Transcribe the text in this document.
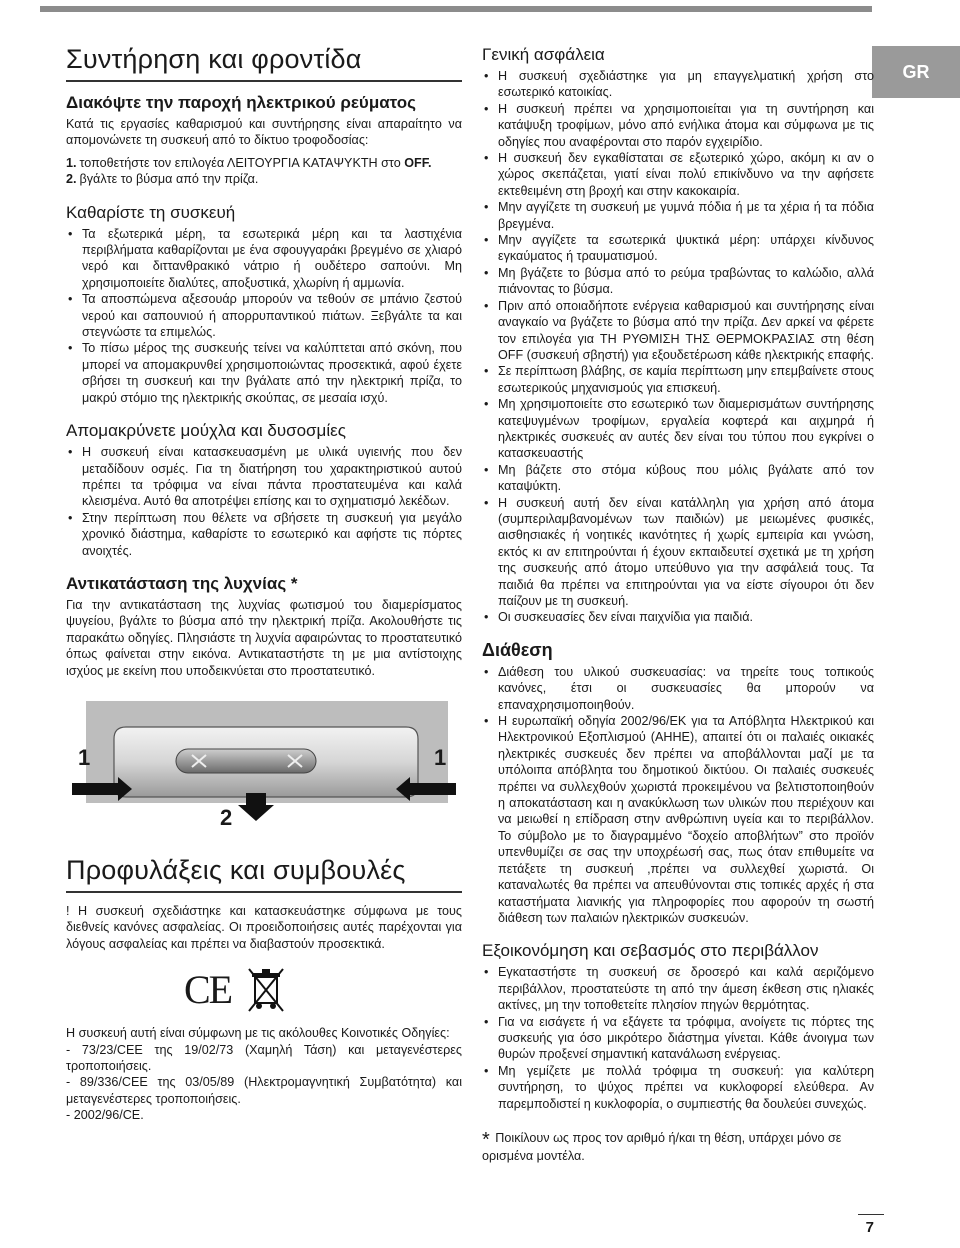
GR
Συντήρηση και φροντίδα
Διακόψτε την παροχή ηλεκτρικού ρεύματος

Κατά τις εργασίες καθαρισμού και συντήρησης είναι απαραίτητο να απομονώνετε τη συσκευή από το δίκτυο τροφοδοσίας:

1. τοποθετήστε τον επιλογέα ΛΕΙΤΟΥΡΓΙΑ ΚΑΤΑΨΥΚΤΗ στο OFF.
2. βγάλτε το βύσμα από την πρίζα.
Καθαρίστε τη συσκευή
• Τα εξωτερικά μέρη, τα εσωτερικά μέρη και τα λαστιχένια περιβλήματα καθαρίζονται με ένα σφουγγαράκι βρεγμένο σε χλιαρό νερό και διττανθρακικό νάτριο ή ουδέτερο σαπούνι. Μη χρησιμοποιείτε διαλύτες, αποξυστικά, χλωρίνη ή αμμωνία.
• Τα αποσπώμενα αξεσουάρ μπορούν να τεθούν σε μπάνιο ζεστού νερού και σαπουνιού ή απορρυπαντικού πιάτων. Ξεβγάλτε τα και στεγνώστε τα επιμελώς.
• Το πίσω μέρος της συσκευής τείνει να καλύπτεται από σκόνη, που μπορεί να απομακρυνθεί χρησιμοποιώντας προσεκτικά, αφού έχετε σβήσει τη συσκευή και την βγάλατε από την ηλεκτρική πρίζα, το μακρύ στόμιο της ηλεκτρικής σκούπας, σε μεσαία ισχύ.
Απομακρύνετε μούχλα και δυσοσμίες
• Η συσκευή είναι κατασκευασμένη με υλικά υγιεινής που δεν μεταδίδουν οσμές. Για τη διατήρηση του χαρακτηριστικού αυτού πρέπει τα τρόφιμα να είναι πάντα προστατευμένα και καλά κλεισμένα. Αυτό θα αποτρέψει επίσης και το σχηματισμό λεκέδων.
• Στην περίπτωση που θέλετε να σβήσετε τη συσκευή για μεγάλο χρονικό διάστημα, καθαρίστε το εσωτερικό και αφήστε τις πόρτες ανοιχτές.
Αντικατάσταση της λυχνίας *

Για την αντικατάσταση της λυχνίας φωτισμού του διαμερίσματος ψυγείου, βγάλτε το βύσμα από την ηλεκτρική πρίζα. Ακολουθήστε τις παρακάτω οδηγίες. Πλησιάστε τη λυχνία αφαιρώντας το προστατευτικό όπως φαίνεται στην εικόνα. Αντικαταστήστε τη με μια αντίστοιχης ισχύος με εκείνη που υποδεικνύεται στο προστατευτικό.

1	1
2
Προφυλάξεις και συμβουλές

! Η συσκευή σχεδιάστηκε και κατασκευάστηκε σύμφωνα με τους διεθνείς κανόνες ασφαλείας. Οι προειδοποιήσεις αυτές παρέχονται για λόγους ασφαλείας και πρέπει να διαβαστούν προσεκτικά.

CE

Η συσκευή αυτή είναι σύμφωνη με τις ακόλουθες Κοινοτικές Οδηγίες:

- 73/23/CEE της 19/02/73 (Χαμηλή Τάση) και μεταγενέστερες τροποποιήσεις.

- 89/336/CEE της 03/05/89 (Ηλεκτρομαγνητική Συμβατότητα) και μεταγενέστερες τροποποιήσεις.

- 2002/96/CE.

Γενική ασφάλεια
• Η συσκευή σχεδιάστηκε για μη επαγγελματική χρήση στο εσωτερικό κατοικίας.
• Η συσκευή πρέπει να χρησιμοποιείται για τη συντήρηση και κατάψυξη τροφίμων, μόνο από ενήλικα άτομα και σύμφωνα με τις οδηγίες που αναφέρονται στο παρόν εγχειρίδιο.
• Η συσκευή δεν εγκαθίσταται σε εξωτερικό χώρο, ακόμη κι αν ο χώρος σκεπάζεται, γιατί είναι πολύ επικίνδυνο να την αφήσετε εκτεθειμένη στη βροχή και στην κακοκαιρία.
• Μην αγγίζετε τη συσκευή με γυμνά πόδια ή με τα χέρια ή τα πόδια βρεγμένα.
• Μην αγγίζετε τα εσωτερικά ψυκτικά μέρη: υπάρχει κίνδυνος εγκαύματος ή τραυματισμού.
• Μη βγάζετε το βύσμα από το ρεύμα τραβώντας το καλώδιο, αλλά πιάνοντας το βύσμα.
• Πριν από οποιαδήποτε ενέργεια καθαρισμού και συντήρησης είναι αναγκαίο να βγάζετε το βύσμα από την πρίζα. Δεν αρκεί να φέρετε τον επιλογέα για ΤΗ ΡΥΘΜΙΣΗ ΤΗΣ ΘΕΡΜΟΚΡΑΣΙΑΣ στη θέση OFF (συσκευή σβηστή) για εξουδετέρωση κάθε ηλεκτρικής επαφής.
• Σε περίπτωση βλάβης, σε καμία περίπτωση μην επεμβαίνετε στους εσωτερικούς μηχανισμούς για επισκευή.
• Μη χρησιμοποιείτε στο εσωτερικό των διαμερισμάτων συντήρησης κατεψυγμένων τροφίμων, εργαλεία κοφτερά και αιχμηρά ή ηλεκτρικές συσκευές αν αυτές δεν είναι του τύπου που εγκρίνει ο κατασκευαστής
• Μη βάζετε στο στόμα κύβους που μόλις βγάλατε από τον καταψύκτη.
• Η συσκευή αυτή δεν είναι κατάλληλη για χρήση από άτομα (συμπεριλαμβανομένων των παιδιών) με μειωμένες φυσικές, αισθησιακές ή νοητικές ικανότητες ή χωρίς εμπειρία και γνώση, εκτός κι αν επιτηρούνται ή έχουν εκπαιδευτεί σχετικά με τη χρήση της συσκευής από άτομο υπεύθυνο για την ασφάλειά τους. Τα παιδιά θα πρέπει να επιτηρούνται για να είστε σίγουροι ότι δεν παίζουν με τη συσκευή.
• Οι συσκευασίες δεν είναι παιχνίδια για παιδιά.
Διάθεση
• Διάθεση του υλικού συσκευασίας: να τηρείτε τους τοπικούς κανόνες, έτσι οι συσκευασίες θα μπορούν να επαναχρησιμοποιηθούν.
• Η ευρωπαϊκή οδηγία 2002/96/ΕΚ για τα Απόβλητα Ηλεκτρικού και Ηλεκτρονικού Εξοπλισμού (ΑΗΗΕ), απαιτεί ότι οι παλαιές οικιακές ηλεκτρικές συσκευές δεν πρέπει να αποβάλλονται μαζί με τα υπόλοιπα απόβλητα του δημοτικού δικτύου. Οι παλαιές συσκευές πρέπει να συλλεχθούν χωριστά προκειμένου να βελτιστοποιηθούν η αποκατάσταση και η ανακύκλωση των υλικών που περιέχουν και να μειωθεί η επίδραση στην ανθρώπινη υγεία και το περιβάλλον. Το σύμβολο με το διαγραμμένο “δοχείο αποβλήτων” στο προϊόν υπενθυμίζει σε σας την υποχρέωσή σας, πως όταν επιθυμείτε να πετάξετε τη συσκευή ,πρέπει να συλλεχθεί χωριστά. Οι καταναλωτές θα πρέπει να απευθύνονται στις τοπικές αρχές ή στα καταστήματα λιανικής για πληροφορίες που αφορούν τη σωστή διάθεση των παλαιών ηλεκτρικών συσκευών.
Εξοικονόμηση και σεβασμός στο περιβάλλον
• Εγκαταστήστε τη συσκευή σε δροσερό και καλά αεριζόμενο περιβάλλον, προστατεύστε τη από την άμεση έκθεση στις ηλιακές ακτίνες, μη την τοποθετείτε πλησίον πηγών θερμότητας.
• Για να εισάγετε ή να εξάγετε τα τρόφιμα, ανοίγετε τις πόρτες της συσκευής για όσο μικρότερο διάστημα γίνεται. Κάθε άνοιγμα των θυρών προξενεί σημαντική κατανάλωση ενέργειας.
• Μη γεμίζετε με πολλά τρόφιμα τη συσκευή: για καλύτερη συντήρηση, το ψύχος πρέπει να κυκλοφορεί ελεύθερα. Αν παρεμποδιστεί η κυκλοφορία, ο συμπιεστής θα δουλεύει συνεχώς.

* Ποικίλουν ως προς τον αριθμό ή/και τη θέση, υπάρχει μόνο σε ορισμένα μοντέλα.

7
